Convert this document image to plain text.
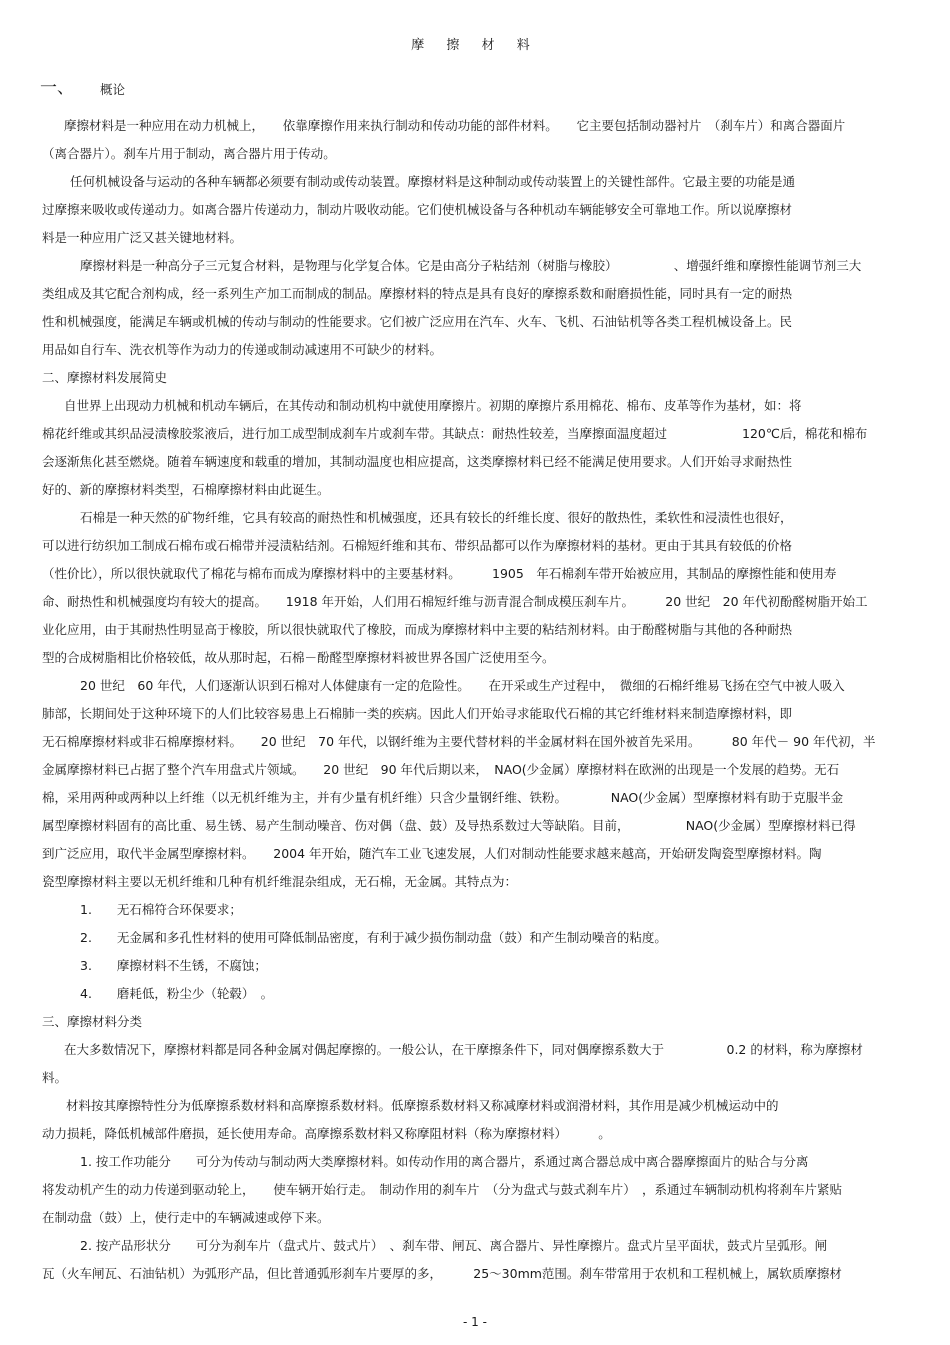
摩 擦 材 料
一、 概论
摩擦材料是一种应用在动力机械上，　　依靠摩擦作用来执行制动和传动功能的部件材料。　　它主要包括制动器衬片　（刹车片）和离合器面片
（离合器片）。刹车片用于制动，离合器片用于传动。
任何机械设备与运动的各种车辆都必须要有制动或传动装置。摩擦材料是这种制动或传动装置上的关键性部件。它最主要的功能是通
过摩擦来吸收或传递动力。如离合器片传递动力，制动片吸收动能。它们使机械设备与各种机动车辆能够安全可靠地工作。所以说摩擦材
料是一种应用广泛又甚关键地材料。
摩擦材料是一种高分子三元复合材料，是物理与化学复合体。它是由高分子粘结剂（树脂与橡胶）　　　　　、增强纤维和摩擦性能调节剂三大
类组成及其它配合剂构成，经一系列生产加工而制成的制品。摩擦材料的特点是具有良好的摩擦系数和耐磨损性能，同时具有一定的耐热
性和机械强度，能满足车辆或机械的传动与制动的性能要求。它们被广泛应用在汽车、火车、飞机、石油钻机等各类工程机械设备上。民
用品如自行车、洗衣机等作为动力的传递或制动减速用不可缺少的材料。
二、摩擦材料发展简史
自世界上出现动力机械和机动车辆后，在其传动和制动机构中就使用摩擦片。初期的摩擦片系用棉花、棉布、皮革等作为基材，如：将
棉花纤维或其织品浸渍橡胶浆液后，进行加工成型制成刹车片或刹车带。其缺点：耐热性较差，当摩擦面温度超过　　　　　　120℃后，棉花和棉布
会逐渐焦化甚至燃烧。随着车辆速度和载重的增加，其制动温度也相应提高，这类摩擦材料已经不能满足使用要求。人们开始寻求耐热性
好的、新的摩擦材料类型，石棉摩擦材料由此诞生。
石棉是一种天然的矿物纤维，它具有较高的耐热性和机械强度，还具有较长的纤维长度、很好的散热性，柔软性和浸渍性也很好，
可以进行纺织加工制成石棉布或石棉带并浸渍粘结剂。石棉短纤维和其布、带织品都可以作为摩擦材料的基材。更由于其具有较低的价格
（性价比），所以很快就取代了棉花与棉布而成为摩擦材料中的主要基材料。　　　1905　年石棉刹车带开始被应用，其制品的摩擦性能和使用寿
命、耐热性和机械强度均有较大的提高。　　1918 年开始，人们用石棉短纤维与沥青混合制成模压刹车片。　　　20 世纪　20 年代初酚醛树脂开始工
业化应用，由于其耐热性明显高于橡胶，所以很快就取代了橡胶，而成为摩擦材料中主要的粘结剂材料。由于酚醛树脂与其他的各种耐热
型的合成树脂相比价格较低，故从那时起，石棉－酚醛型摩擦材料被世界各国广泛使用至今。
20 世纪　60 年代，人们逐渐认识到石棉对人体健康有一定的危险性。　　在开采或生产过程中，　微细的石棉纤维易飞扬在空气中被人吸入
肺部，长期间处于这种环境下的人们比较容易患上石棉肺一类的疾病。因此人们开始寻求能取代石棉的其它纤维材料来制造摩擦材料，即
无石棉摩擦材料或非石棉摩擦材料。　　20 世纪　70 年代，以钢纤维为主要代替材料的半金属材料在国外被首先采用。　　　80 年代－ 90 年代初，半
金属摩擦材料已占据了整个汽车用盘式片领域。　　20 世纪　90 年代后期以来，　NAO(少金属）摩擦材料在欧洲的出现是一个发展的趋势。无石
棉，采用两种或两种以上纤维（以无机纤维为主，并有少量有机纤维）只含少量钢纤维、铁粉。　　　　NAO(少金属）型摩擦材料有助于克服半金
属型摩擦材料固有的高比重、易生锈、易产生制动噪音、伤对偶（盘、鼓）及导热系数过大等缺陷。目前，　　　　　NAO(少金属）型摩擦材料已得
到广泛应用，取代半金属型摩擦材料。　　2004 年开始，随汽车工业飞速发展，人们对制动性能要求越来越高，开始研发陶瓷型摩擦材料。陶
瓷型摩擦材料主要以无机纤维和几种有机纤维混杂组成，无石棉，无金属。其特点为：
1.　　无石棉符合环保要求；
2.　　无金属和多孔性材料的使用可降低制品密度，有利于减少损伤制动盘（鼓）和产生制动噪音的粘度。
3.　　摩擦材料不生锈，不腐蚀；
4.　　磨耗低，粉尘少（轮毂）　。
三、摩擦材料分类
在大多数情况下，摩擦材料都是同各种金属对偶起摩擦的。一般公认，在干摩擦条件下，同对偶摩擦系数大于　　　　　0.2 的材料，称为摩擦材
料。
材料按其摩擦特性分为低摩擦系数材料和高摩擦系数材料。低摩擦系数材料又称减摩材料或润滑材料，其作用是减少机械运动中的
动力损耗，降低机械部件磨损，延长使用寿命。高摩擦系数材料又称摩阻材料（称为摩擦材料）　　　。
1. 按工作功能分　　可分为传动与制动两大类摩擦材料。如传动作用的离合器片，系通过离合器总成中离合器摩擦面片的贴合与分离
将发动机产生的动力传递到驱动轮上，　　使车辆开始行走。　制动作用的刹车片　（分为盘式与鼓式刹车片）　，系通过车辆制动机构将刹车片紧贴
在制动盘（鼓）上，使行走中的车辆减速或停下来。
2. 按产品形状分　　可分为刹车片（盘式片、鼓式片）　、刹车带、闸瓦、离合器片、异性摩擦片。盘式片呈平面状，鼓式片呈弧形。闸
瓦（火车闸瓦、石油钻机）为弧形产品，但比普通弧形刹车片要厚的多，　　　25～30mm范围。刹车带常用于农机和工程机械上，属软质摩擦材
- 1 -
